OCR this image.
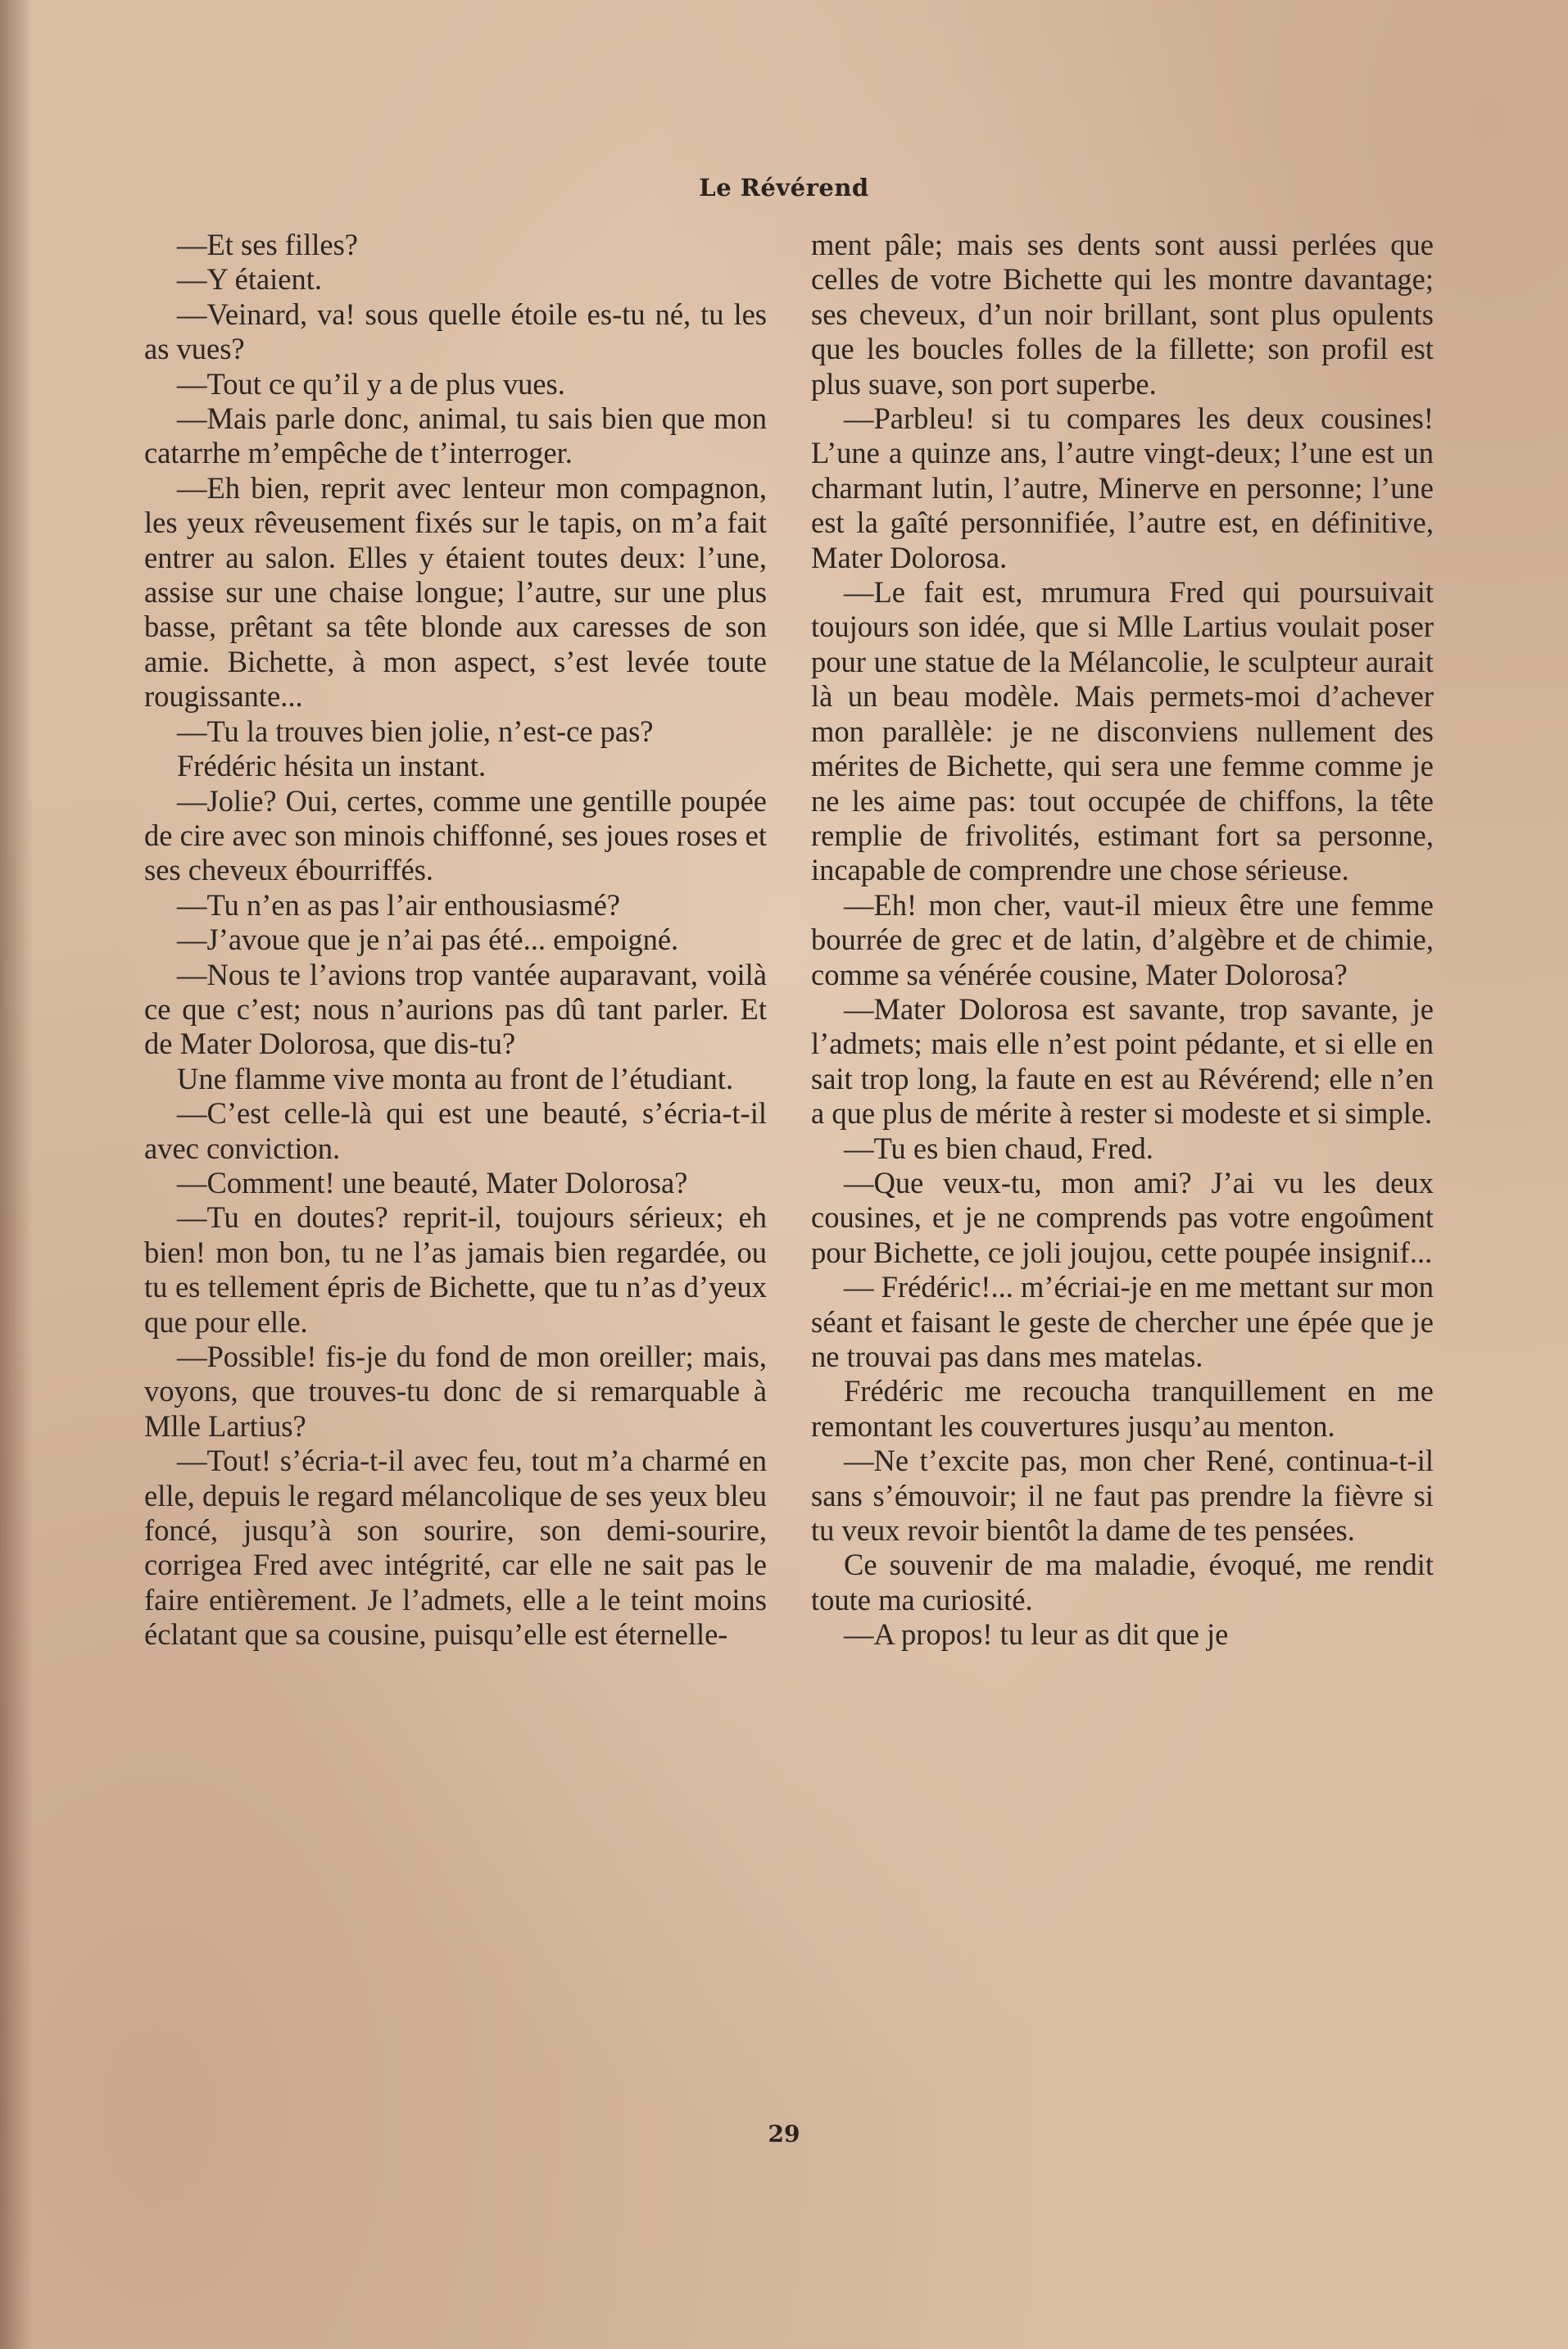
Le Révérend

—Et ses filles?

—Y étaient.

—Veinard, va! sous quelle étoile es-tu né, tu les as vues?

—Tout ce qu’il y a de plus vues.

—Mais parle donc, animal, tu sais bien que mon catarrhe m’empêche de t’interroger.

—Eh bien, reprit avec lenteur mon compagnon, les yeux rêveusement fixés sur le tapis, on m’a fait entrer au salon. Elles y étaient toutes deux: l’une, assise sur une chaise longue; l’autre, sur une plus basse, prêtant sa tête blonde aux caresses de son amie. Bichette, à mon aspect, s’est levée toute rougissante...

—Tu la trouves bien jolie, n’est-ce pas?

Frédéric hésita un instant.

—Jolie? Oui, certes, comme une gentille poupée de cire avec son minois chiffonné, ses joues roses et ses cheveux ébourriffés.

—Tu n’en as pas l’air enthousiasmé?

—J’avoue que je n’ai pas été... empoigné.

—Nous te l’avions trop vantée auparavant, voilà ce que c’est; nous n’aurions pas dû tant parler. Et de Mater Dolorosa, que dis-tu?

Une flamme vive monta au front de l’étudiant.

—C’est celle-là qui est une beauté, s’écria-t-il avec conviction.

—Comment! une beauté, Mater Dolorosa?

—Tu en doutes? reprit-il, toujours sérieux; eh bien! mon bon, tu ne l’as jamais bien regardée, ou tu es tellement épris de Bichette, que tu n’as d’yeux que pour elle.

—Possible! fis-je du fond de mon oreiller; mais, voyons, que trouves-tu donc de si remarquable à Mlle Lartius?

—Tout! s’écria-t-il avec feu, tout m’a charmé en elle, depuis le regard mélancolique de ses yeux bleu foncé, jusqu’à son sourire, son demi-sourire, corrigea Fred avec intégrité, car elle ne sait pas le faire entièrement. Je l’admets, elle a le teint moins éclatant que sa cousine, puisqu’elle est éternelle-

ment pâle; mais ses dents sont aussi perlées que celles de votre Bichette qui les montre davantage; ses cheveux, d’un noir brillant, sont plus opulents que les boucles folles de la fillette; son profil est plus suave, son port superbe.

—Parbleu! si tu compares les deux cousines! L’une a quinze ans, l’autre vingt-deux; l’une est un charmant lutin, l’autre, Minerve en personne; l’une est la gaîté personnifiée, l’autre est, en définitive, Mater Dolorosa.

—Le fait est, mrumura Fred qui poursuivait toujours son idée, que si Mlle Lartius voulait poser pour une statue de la Mélancolie, le sculpteur aurait là un beau modèle. Mais permets-moi d’achever mon parallèle: je ne disconviens nullement des mérites de Bichette, qui sera une femme comme je ne les aime pas: tout occupée de chiffons, la tête remplie de frivolités, estimant fort sa personne, incapable de comprendre une chose sérieuse.

—Eh! mon cher, vaut-il mieux être une femme bourrée de grec et de latin, d’algèbre et de chimie, comme sa vénérée cousine, Mater Dolorosa?

—Mater Dolorosa est savante, trop savante, je l’admets; mais elle n’est point pédante, et si elle en sait trop long, la faute en est au Révérend; elle n’en a que plus de mérite à rester si modeste et si simple.

—Tu es bien chaud, Fred.

—Que veux-tu, mon ami? J’ai vu les deux cousines, et je ne comprends pas votre engoûment pour Bichette, ce joli joujou, cette poupée insignif...

— Frédéric!... m’écriai-je en me mettant sur mon séant et faisant le geste de chercher une épée que je ne trouvai pas dans mes matelas.

Frédéric me recoucha tranquillement en me remontant les couvertures jusqu’au menton.

—Ne t’excite pas, mon cher René, continua-t-il sans s’émouvoir; il ne faut pas prendre la fièvre si tu veux revoir bientôt la dame de tes pensées.

Ce souvenir de ma maladie, évoqué, me rendit toute ma curiosité.

—A propos! tu leur as dit que je

29
